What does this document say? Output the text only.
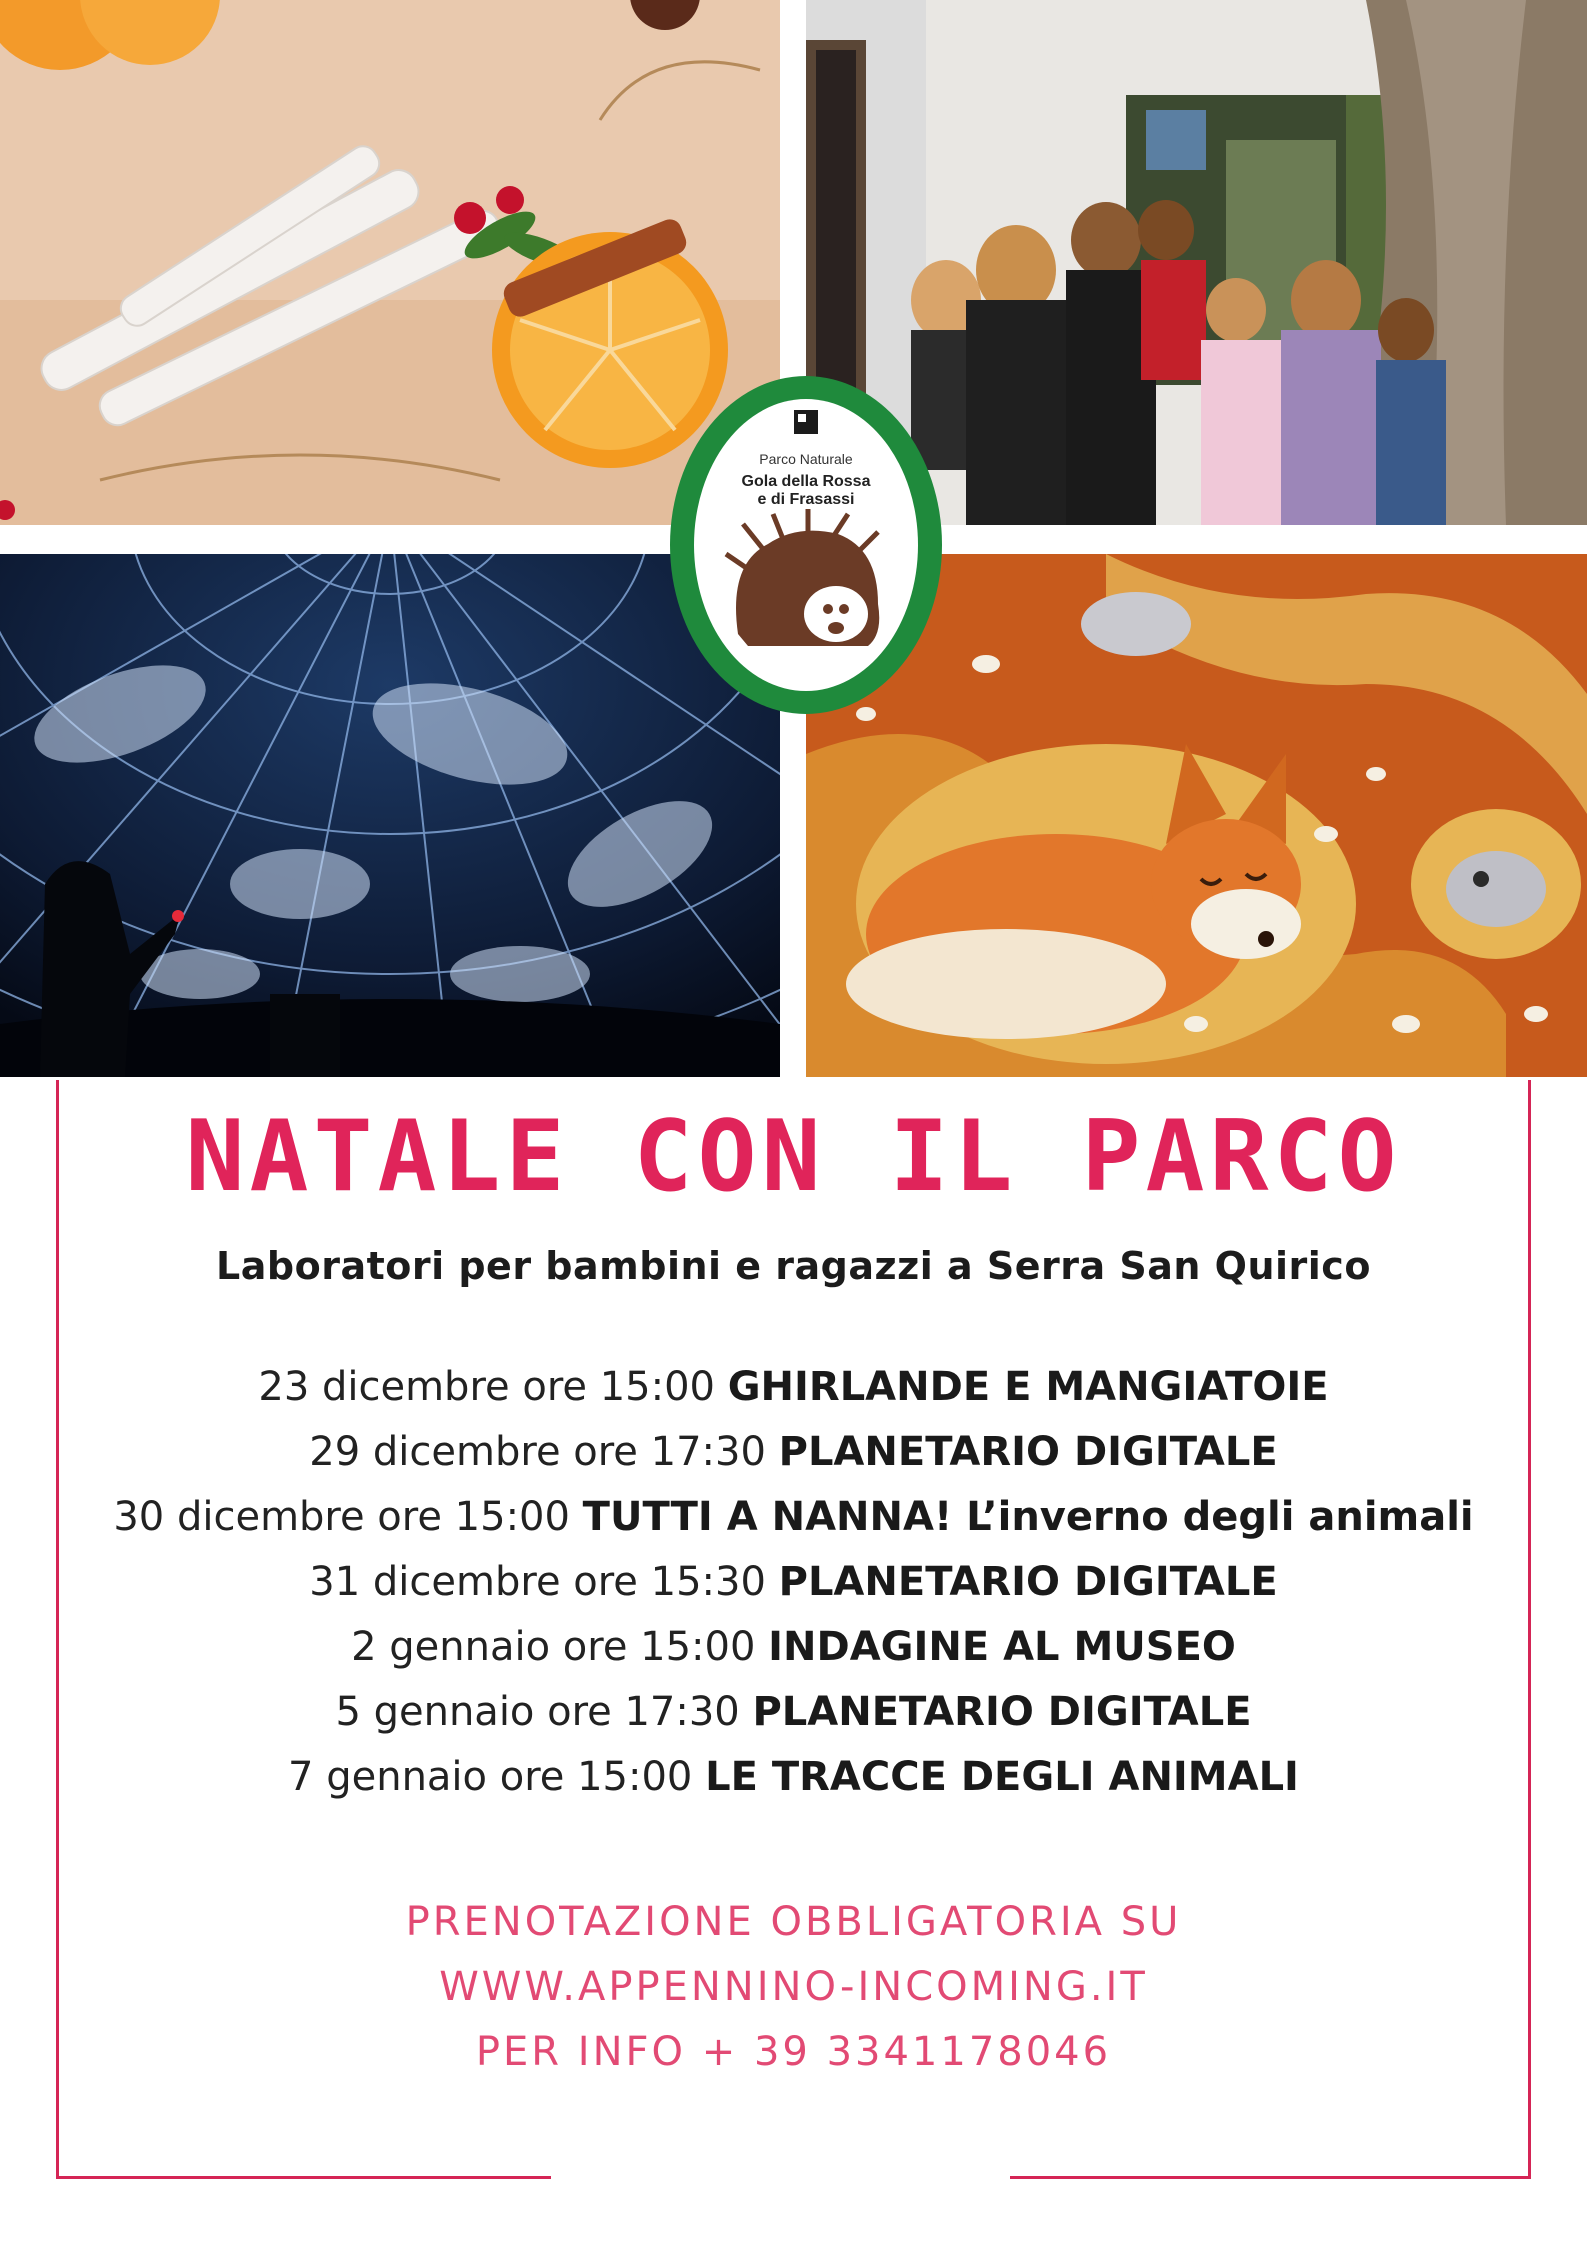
Parco Naturale
Gola della Rossa
e di Frasassi
NATALE CON IL PARCO
Laboratori per bambini e ragazzi a Serra San Quirico
23 dicembre ore 15:00 GHIRLANDE E MANGIATOIE
29 dicembre ore 17:30 PLANETARIO DIGITALE
30 dicembre ore 15:00 TUTTI A NANNA! L’inverno degli animali
31 dicembre ore 15:30 PLANETARIO DIGITALE
2 gennaio ore 15:00 INDAGINE AL MUSEO
5 gennaio ore 17:30 PLANETARIO DIGITALE
7 gennaio ore 15:00 LE TRACCE DEGLI ANIMALI
PRENOTAZIONE OBBLIGATORIA SU
WWW.APPENNINO-INCOMING.IT
PER INFO + 39 3341178046
